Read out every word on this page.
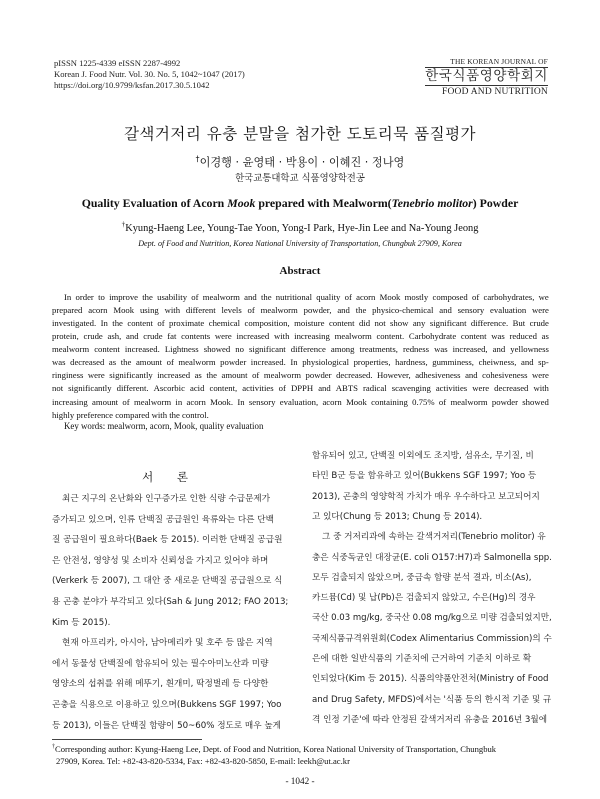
pISSN 1225-4339 eISSN 2287-4992
Korean J. Food Nutr. Vol. 30. No. 5, 1042~1047 (2017)
https://doi.org/10.9799/ksfan.2017.30.5.1042
THE KOREAN JOURNAL OF
한국식품영양학회지
FOOD AND NUTRITION
갈색거저리 유충 분말을 첨가한 도토리묵 품질평가
†이경행 · 윤영태 · 박용이 · 이혜진 · 정나영
한국교통대학교 식품영양학전공
Quality Evaluation of Acorn Mook prepared with Mealworm(Tenebrio molitor) Powder
†Kyung-Haeng Lee, Young-Tae Yoon, Yong-I Park, Hye-Jin Lee and Na-Young Jeong
Dept. of Food and Nutrition, Korea National University of Transportation, Chungbuk 27909, Korea
Abstract
In order to improve the usability of mealworm and the nutritional quality of acorn Mook mostly composed of carbohydrates, we
prepared acorn Mook using with different levels of mealworm powder, and the physico-chemical and sensory evaluation were
investigated. In the content of proximate chemical composition, moisture content did not show any significant difference. But crude
protein, crude ash, and crude fat contents were increased with increasing mealworm content. Carbohydrate content was reduced as
mealworm content increased. Lightness showed no significant difference among treatments, redness was increased, and yellowness
was decreased as the amount of mealworm powder increased. In physiological properties, hardness, gumminess, cheiwness, and sp-
ringiness were significantly increased as the amount of mealworm powder decreased. However, adhesiveness and cohesiveness were
not significantly different. Ascorbic acid content, activities of DPPH and ABTS radical scavenging activities were decreased with
increasing amount of mealworm in acorn Mook. In sensory evaluation, acorn Mook containing 0.75% of mealworm powder showed
highly preference compared with the control.
Key words: mealworm, acorn, Mook, quality evaluation
서 론
최근 지구의 온난화와 인구증가로 인한 식량 수급문제가
증가되고 있으며, 인류 단백질 공급원인 육류와는 다른 단백
질 공급원이 필요하다(Baek 등 2015). 이러한 단백질 공급원
은 안전성, 영양성 및 소비자 신뢰성을 가지고 있어야 하며
(Verkerk 등 2007), 그 대안 중 새로운 단백질 공급원으로 식
용 곤충 분야가 부각되고 있다(Sah & Jung 2012; FAO 2013;
Kim 등 2015).
현재 아프리카, 아시아, 남아메리카 및 호주 등 많은 지역
에서 동물성 단백질에 함유되어 있는 필수아미노산과 미량
영양소의 섭취를 위해 메뚜기, 흰개미, 딱정벌레 등 다양한
곤충을 식용으로 이용하고 있으며(Bukkens SGF 1997; Yoo
등 2013), 이들은 단백질 함량이 50~60% 정도로 매우 높게
함유되어 있고, 단백질 이외에도 조지방, 섬유소, 무기질, 비
타민 B군 등을 함유하고 있어(Bukkens SGF 1997; Yoo 등
2013), 곤충의 영양학적 가치가 매우 우수하다고 보고되어지
고 있다(Chung 등 2013; Chung 등 2014).
그 중 거저리과에 속하는 갈색거저리(Tenebrio molitor) 유
충은 식중독균인 대장균(E. coli O157:H7)과 Salmonella spp.
모두 검출되지 않았으며, 중금속 함량 분석 결과, 비소(As),
카드뮴(Cd) 및 납(Pb)은 검출되지 않았고, 수은(Hg)의 경우
국산 0.03 mg/kg, 중국산 0.08 mg/kg으로 미량 검출되었지만,
국제식품규격위원회(Codex Alimentarius Commission)의 수
은에 대한 일반식품의 기준치에 근거하여 기준치 이하로 확
인되었다(Kim 등 2015). 식품의약품안전처(Ministry of Food
and Drug Safety, MFDS)에서는 '식품 등의 한시적 기준 및 규
격 인정 기준'에 따라 안정된 갈색거저리 유충을 2016년 3월에
†Corresponding author: Kyung-Haeng Lee, Dept. of Food and Nutrition, Korea National University of Transportation, Chungbuk
27909, Korea. Tel: +82-43-820-5334, Fax: +82-43-820-5850, E-mail: leekh@ut.ac.kr
- 1042 -
